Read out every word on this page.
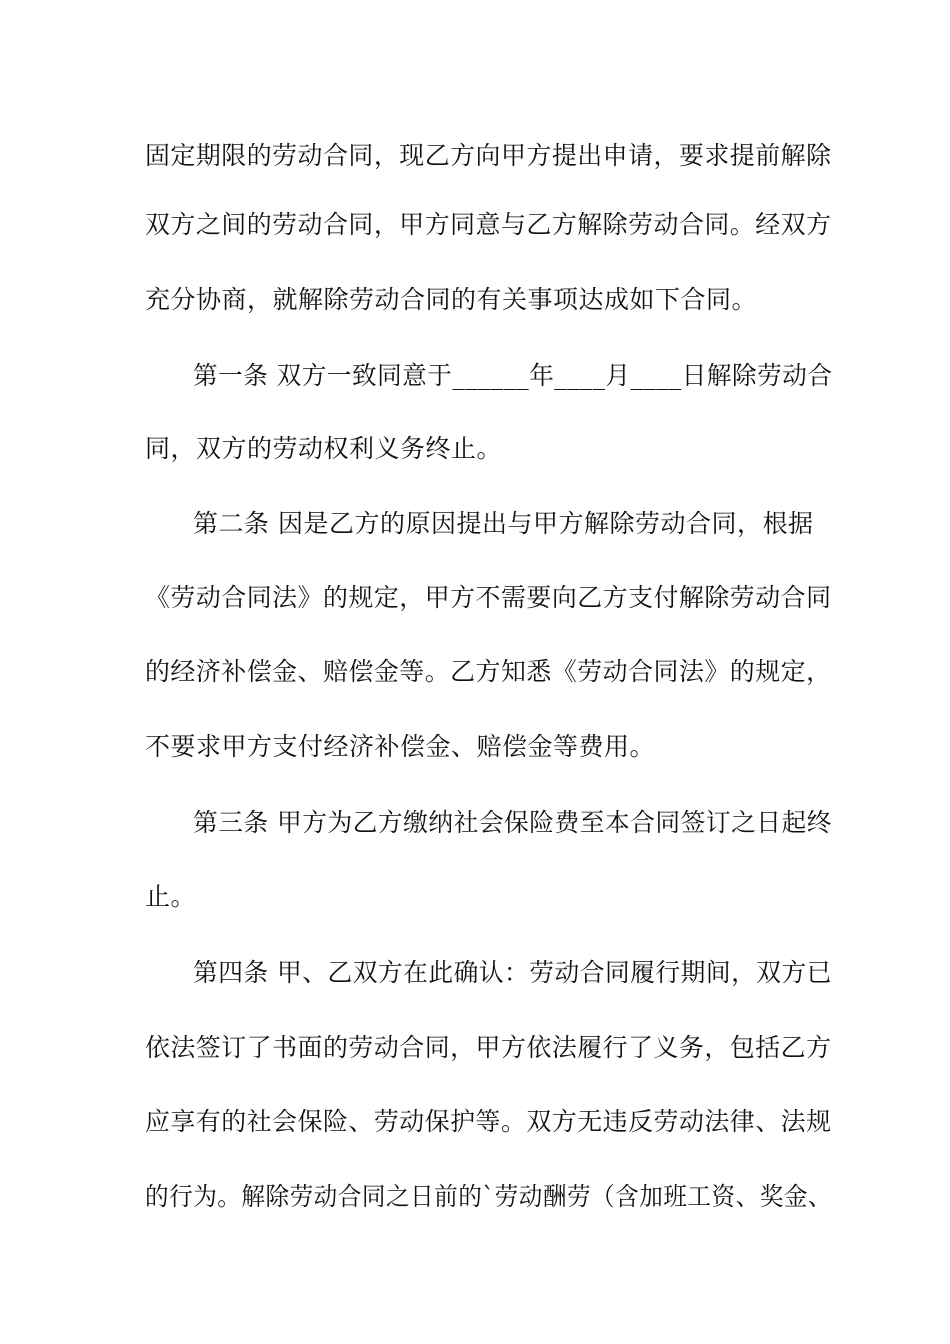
固定期限的劳动合同，现乙方向甲方提出申请，要求提前解除
双方之间的劳动合同，甲方同意与乙方解除劳动合同。经双方
充分协商，就解除劳动合同的有关事项达成如下合同。
第一条 双方一致同意于______年____月____日解除劳动合
同，双方的劳动权利义务终止。
第二条 因是乙方的原因提出与甲方解除劳动合同，根据
《劳动合同法》的规定，甲方不需要向乙方支付解除劳动合同
的经济补偿金、赔偿金等。乙方知悉《劳动合同法》的规定，
不要求甲方支付经济补偿金、赔偿金等费用。
第三条 甲方为乙方缴纳社会保险费至本合同签订之日起终
止。
第四条 甲、乙双方在此确认：劳动合同履行期间，双方已
依法签订了书面的劳动合同，甲方依法履行了义务，包括乙方
应享有的社会保险、劳动保护等。双方无违反劳动法律、法规
的行为。解除劳动合同之日前的`劳动酬劳（含加班工资、奖金、
